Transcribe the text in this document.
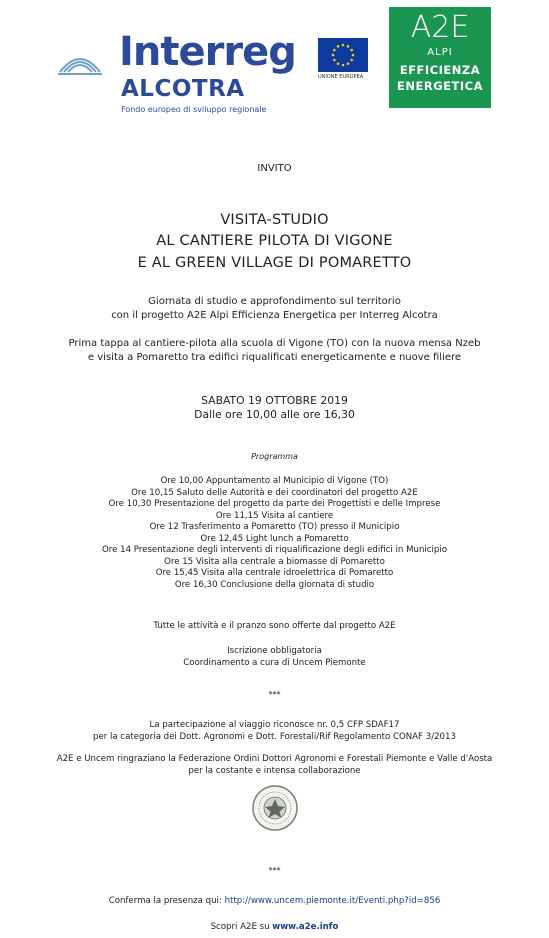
Interreg
ALCOTRA
Fondo europeo di sviluppo regionale
UNIONE EUROPEA
A2E
ALPI
EFFICIENZA
ENERGETICA
INVITO
VISITA-STUDIO
AL CANTIERE PILOTA DI VIGONE
E AL GREEN VILLAGE DI POMARETTO
Giornata di studio e approfondimento sul territorio
con il progetto A2E Alpi Efficienza Energetica per Interreg Alcotra
Prima tappa al cantiere-pilota alla scuola di Vigone (TO) con la nuova mensa Nzeb
e visita a Pomaretto tra edifici riqualificati energeticamente e nuove filiere
SABATO 19 OTTOBRE 2019
Dalle ore 10,00 alle ore 16,30
Programma
Ore 10,00 Appuntamento al Municipio di Vigone (TO)
Ore 10,15 Saluto delle Autorità e dei coordinatori del progetto A2E
Ore 10,30 Presentazione del progetto da parte dei Progettisti e delle Imprese
Ore 11,15 Visita al cantiere
Ore 12 Trasferimento a Pomaretto (TO) presso il Municipio
Ore 12,45 Light lunch a Pomaretto
Ore 14 Presentazione degli interventi di riqualificazione degli edifici in Municipio
Ore 15 Visita alla centrale a biomasse di Pomaretto
Ore 15,45 Visita alla centrale idroelettrica di Pomaretto
Ore 16,30 Conclusione della giornata di studio
Tutte le attività e il pranzo sono offerte dal progetto A2E
Iscrizione obbligatoria
Coordinamento a cura di Uncem Piemonte
***
La partecipazione al viaggio riconosce nr. 0,5 CFP SDAF17
per la categoria dei Dott. Agronomi e Dott. Forestali/Rif Regolamento CONAF 3/2013
A2E e Uncem ringraziano la Federazione Ordini Dottori Agronomi e Forestali Piemonte e Valle d'Aosta
per la costante e intensa collaborazione
***
Conferma la presenza qui: http://www.uncem.piemonte.it/Eventi.php?id=856
Scopri A2E su www.a2e.info
